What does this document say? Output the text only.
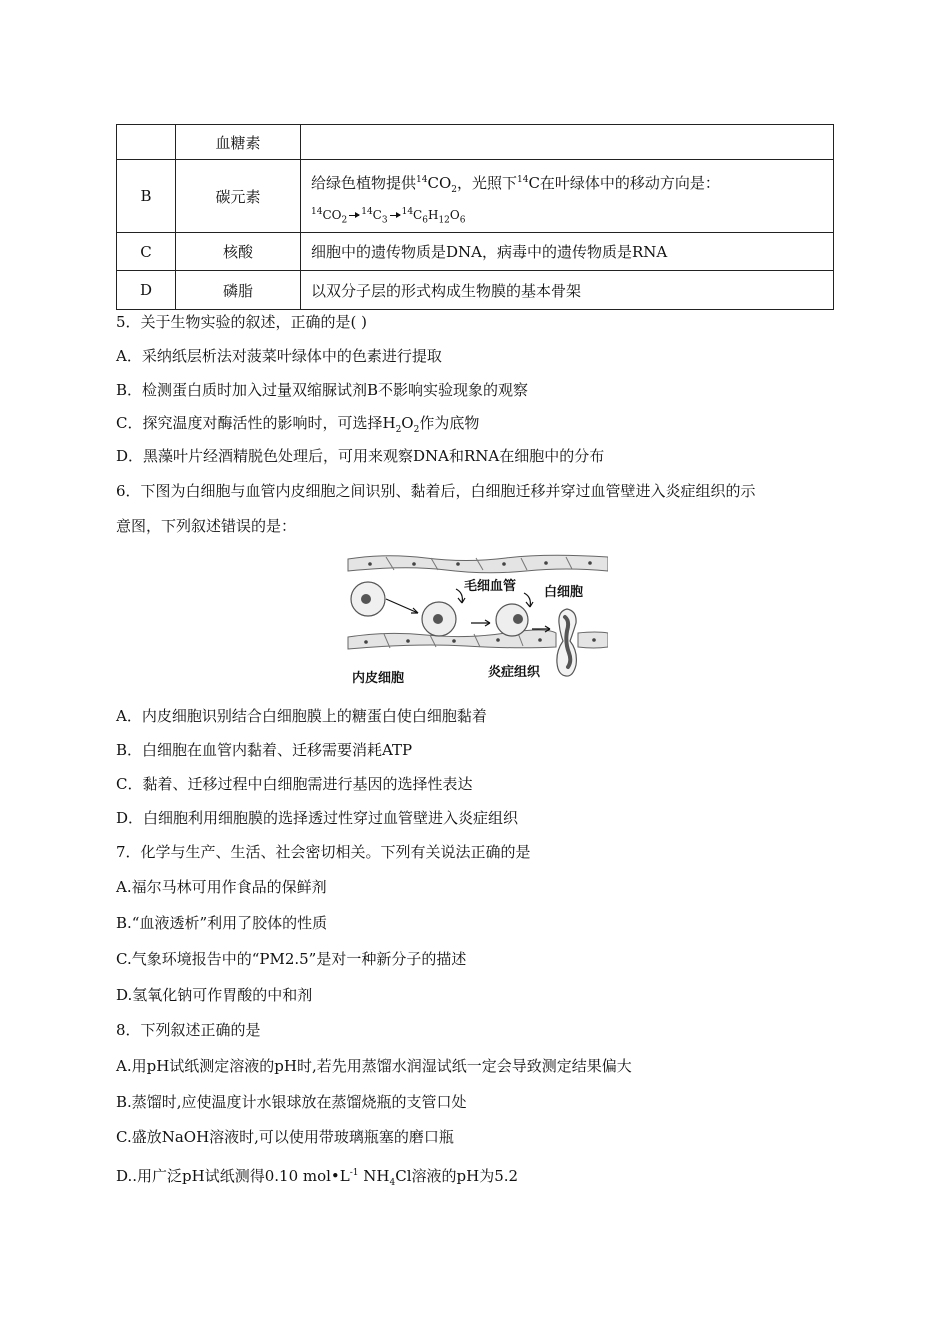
	血糖素	
B	碳元素	给绿色植物提供$^{14}CO_2$，光照下$^{14}$C在叶绿体中的移动方向是：
$^{14}CO_2$
$^{14}C_3$
$^{14}C_6H_{12}O_6$

C	核酸	细胞中的遗传物质是DNA，病毒中的遗传物质是RNA
D	磷脂	以双分子层的形式构成生物膜的基本骨架
5．关于生物实验的叙述，正确的是( )
A．采纳纸层析法对菠菜叶绿体中的色素进行提取
B．检测蛋白质时加入过量双缩脲试剂B不影响实验现象的观察
C．探究温度对酶活性的影响时，可选择$H_2O_2$作为底物
D．黑藻叶片经酒精脱色处理后，可用来观察DNA和RNA在细胞中的分布
6．下图为白细胞与血管内皮细胞之间识别、黏着后，白细胞迁移并穿过血管壁进入炎症组织的示
意图，下列叙述错误的是：
毛细血管 白细胞
内皮细胞	炎症组织
A．内皮细胞识别结合白细胞膜上的糖蛋白使白细胞黏着
B．白细胞在血管内黏着、迁移需要消耗ATP
C．黏着、迁移过程中白细胞需进行基因的选择性表达
D．白细胞利用细胞膜的选择透过性穿过血管壁进入炎症组织
7．化学与生产、生活、社会密切相关。下列有关说法正确的是
A.福尔马林可用作食品的保鲜剂
B.“血液透析”利用了胶体的性质
C.气象环境报告中的“PM2.5”是对一种新分子的描述
D.氢氧化钠可作胃酸的中和剂
8．下列叙述正确的是
A.用pH试纸测定溶液的pH时,若先用蒸馏水润湿试纸一定会导致测定结果偏大
B.蒸馏时,应使温度计水银球放在蒸馏烧瓶的支管口处
C.盛放NaOH溶液时,可以使用带玻璃瓶塞的磨口瓶
D..用广泛pH试纸测得0.10 $mol•L^{-1}$ $NH_4Cl$溶液的pH为5.2
